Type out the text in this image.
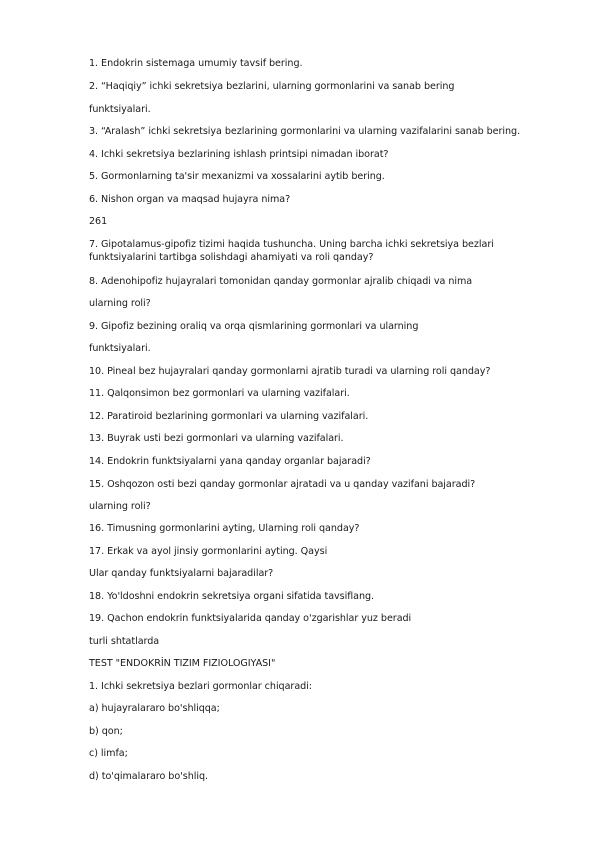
1. Endokrin sistemaga umumiy tavsif bering.
2. “Haqiqiy” ichki sekretsiya bezlarini, ularning gormonlarini va sanab bering
funktsiyalari.
3. “Aralash” ichki sekretsiya bezlarining gormonlarini va ularning vazifalarini sanab bering.
4. Ichki sekretsiya bezlarining ishlash printsipi nimadan iborat?
5. Gormonlarning ta'sir mexanizmi va xossalarini aytib bering.
6. Nishon organ va maqsad hujayra nima?
261
7. Gipotalamus-gipofiz tizimi haqida tushuncha. Uning barcha ichki sekretsiya bezlari funktsiyalarini tartibga solishdagi ahamiyati va roli qanday?
8. Adenohipofiz hujayralari tomonidan qanday gormonlar ajralib chiqadi va nima
ularning roli?
9. Gipofiz bezining oraliq va orqa qismlarining gormonlari va ularning
funktsiyalari.
10. Pineal bez hujayralari qanday gormonlarni ajratib turadi va ularning roli qanday?
11. Qalqonsimon bez gormonlari va ularning vazifalari.
12. Paratiroid bezlarining gormonlari va ularning vazifalari.
13. Buyrak usti bezi gormonlari va ularning vazifalari.
14. Endokrin funktsiyalarni yana qanday organlar bajaradi?
15. Oshqozon osti bezi qanday gormonlar ajratadi va u qanday vazifani bajaradi?
ularning roli?
16. Timusning gormonlarini ayting, Ularning roli qanday?
17. Erkak va ayol jinsiy gormonlarini ayting. Qaysi
Ular qanday funktsiyalarni bajaradilar?
18. Yo'ldoshni endokrin sekretsiya organi sifatida tavsiflang.
19. Qachon endokrin funktsiyalarida qanday o'zgarishlar yuz beradi
turli shtatlarda
TEST "ENDOKRİN TIZIM FIZIOLOGIYASI"
1. Ichki sekretsiya bezlari gormonlar chiqaradi:
a) hujayralararo bo'shliqqa;
b) qon;
c) limfa;
d) to'qimalararo bo'shliq.
